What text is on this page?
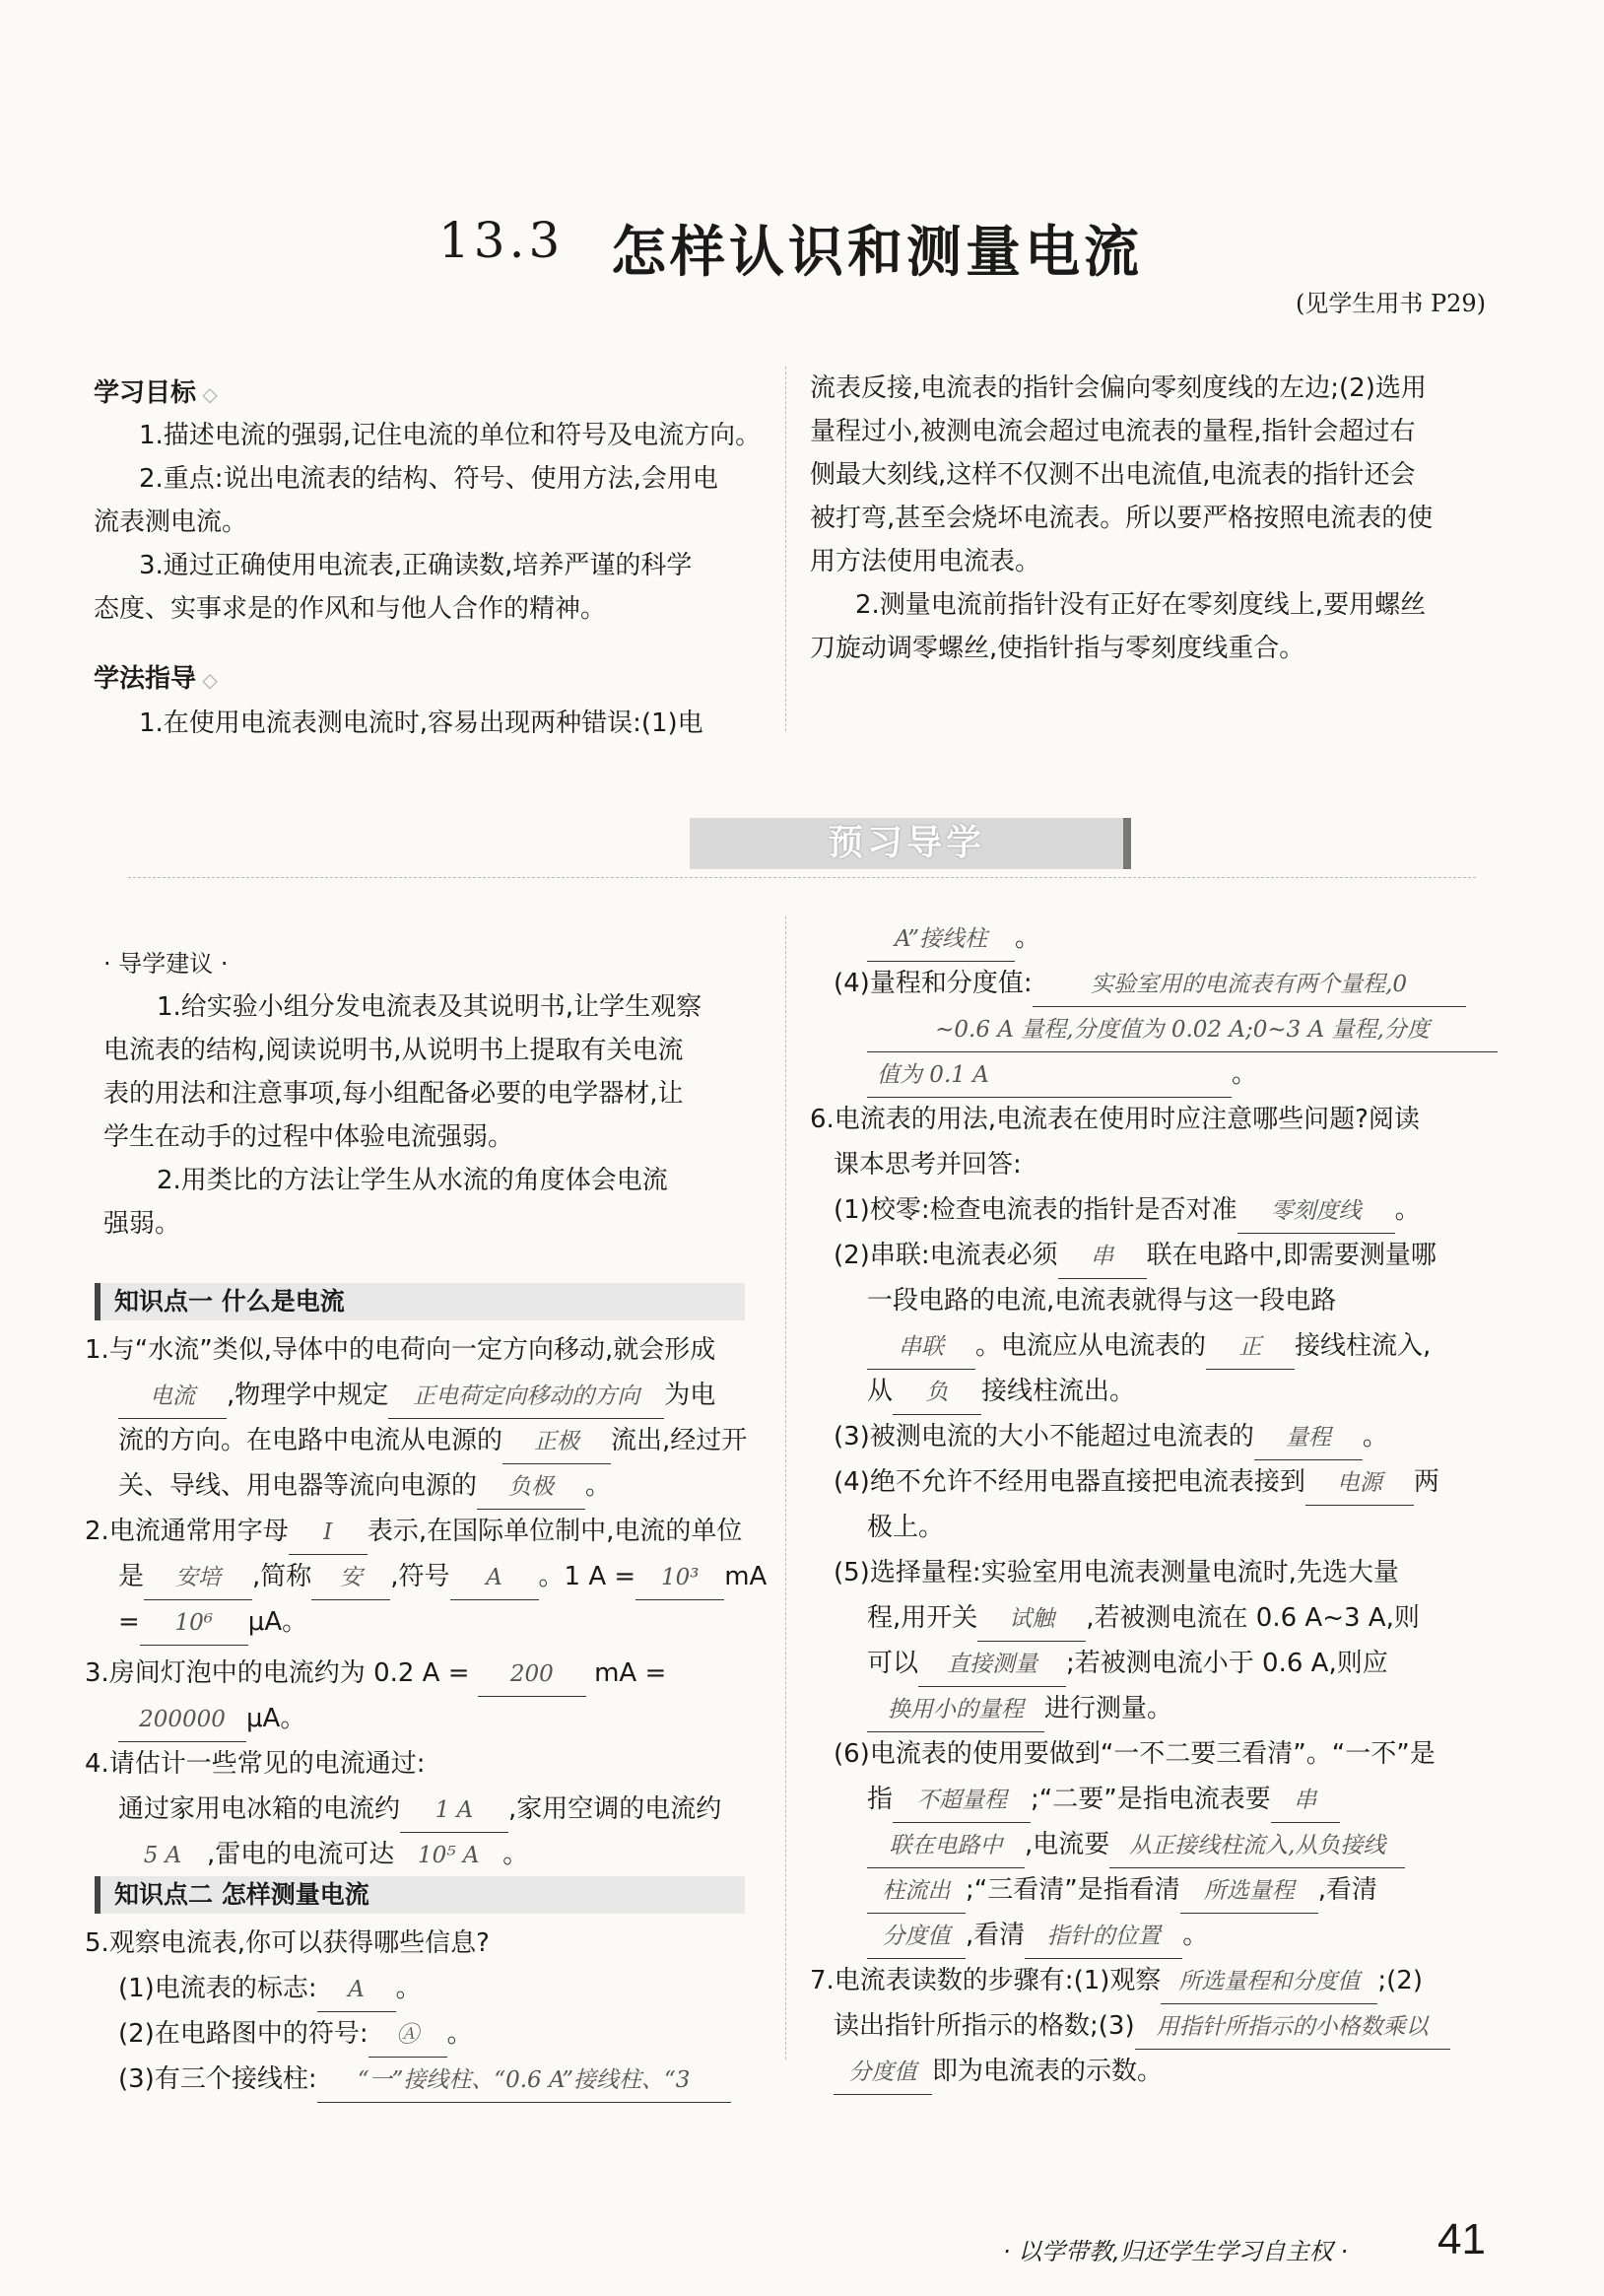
13.3 怎样认识和测量电流
(见学生用书 P29)
学习目标 ◇
1.描述电流的强弱,记住电流的单位和符号及电流方向。
2.重点:说出电流表的结构、符号、使用方法,会用电
流表测电流。
3.通过正确使用电流表,正确读数,培养严谨的科学
态度、实事求是的作风和与他人合作的精神。
学法指导 ◇
1.在使用电流表测电流时,容易出现两种错误:(1)电
流表反接,电流表的指针会偏向零刻度线的左边;(2)选用
量程过小,被测电流会超过电流表的量程,指针会超过右
侧最大刻线,这样不仅测不出电流值,电流表的指针还会
被打弯,甚至会烧坏电流表。所以要严格按照电流表的使
用方法使用电流表。
2.测量电流前指针没有正好在零刻度线上,要用螺丝
刀旋动调零螺丝,使指针指与零刻度线重合。
预习导学
· 导学建议 ·
1.给实验小组分发电流表及其说明书,让学生观察
电流表的结构,阅读说明书,从说明书上提取有关电流
表的用法和注意事项,每小组配备必要的电学器材,让
学生在动手的过程中体验电流强弱。
2.用类比的方法让学生从水流的角度体会电流
强弱。
知识点一 什么是电流
1.与“水流”类似,导体中的电荷向一定方向移动,就会形成
电流 ,物理学中规定 正电荷定向移动的方向 为电
流的方向。在电路中电流从电源的 正极 流出,经过开
关、导线、用电器等流向电源的 负极 。
2.电流通常用字母 I 表示,在国际单位制中,电流的单位
是 安培 ,简称 安 ,符号 A 。1 A = 10³ mA
= 10⁶ μA。
3.房间灯泡中的电流约为 0.2 A = 200 mA =
200000 μA。
4.请估计一些常见的电流通过:
通过家用电冰箱的电流约 1 A ,家用空调的电流约
5 A ,雷电的电流可达 10⁵ A 。
知识点二 怎样测量电流
5.观察电流表,你可以获得哪些信息?
(1)电流表的标志: A 。
(2)在电路图中的符号: Ⓐ 。
(3)有三个接线柱: “一”接线柱、“0.6 A”接线柱、“3
A”接线柱 。
(4)量程和分度值:	实验室用的电流表有两个量程,0
~0.6 A 量程,分度值为 0.02 A;0~3 A 量程,分度
值为 0.1 A	。
6.电流表的用法,电流表在使用时应注意哪些问题?阅读
课本思考并回答:
(1)校零:检查电流表的指针是否对准 零刻度线 。
(2)串联:电流表必须 串 联在电路中,即需要测量哪
一段电路的电流,电流表就得与这一段电路
串联 。电流应从电流表的 正 接线柱流入,
从 负 接线柱流出。
(3)被测电流的大小不能超过电流表的 量程 。
(4)绝不允许不经用电器直接把电流表接到 电源 两
极上。
(5)选择量程:实验室用电流表测量电流时,先选大量
程,用开关 试触 ,若被测电流在 0.6 A~3 A,则
可以 直接测量 ;若被测电流小于 0.6 A,则应
换用小的量程 进行测量。
(6)电流表的使用要做到“一不二要三看清”。“一不”是
指 不超量程 ;“二要”是指电流表要 串
联在电路中 ,电流要 从正接线柱流入,从负接线
柱流出 ;“三看清”是指看清 所选量程 ,看清
分度值 ,看清 指针的位置 。
7.电流表读数的步骤有:(1)观察 所选量程和分度值 ;(2)
读出指针所指示的格数;(3) 用指针所指示的小格数乘以
分度值 即为电流表的示数。
· 以学带教,归还学生学习自主权 · 41
